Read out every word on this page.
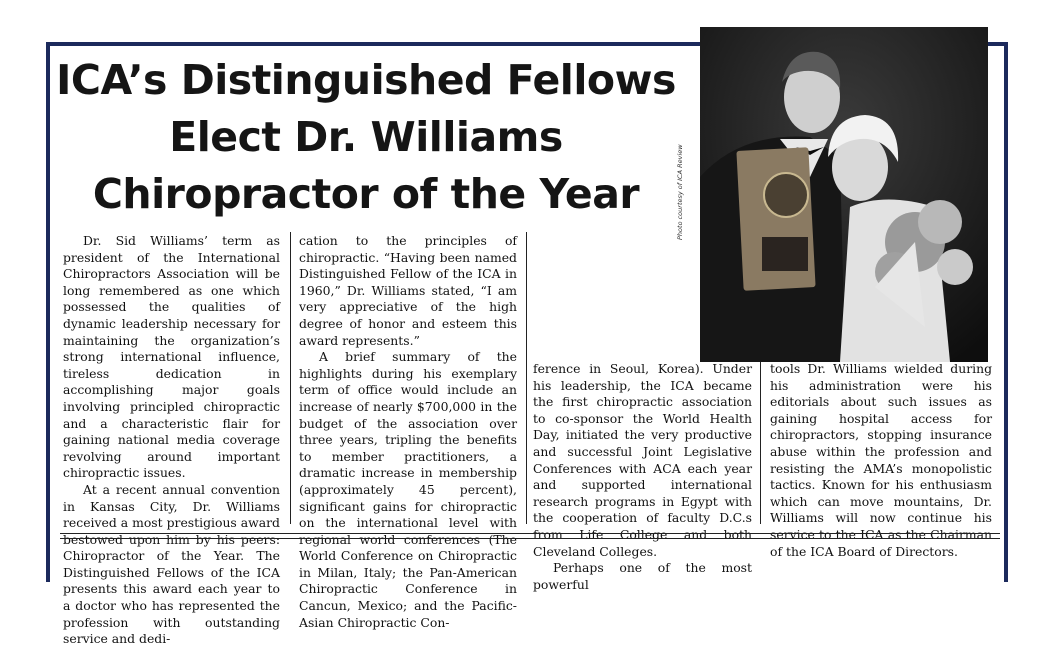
ICA’s Distinguished Fellows
Elect Dr. Williams
Chiropractor of the Year	Photo courtesy of ICA Review

Dr. Sid Williams’ term as president of the International Chiropractors Association will be long remembered as one which possessed the qualities of dynamic leadership necessary for maintaining the organization’s strong international influence, tireless dedication in accomplishing major goals involving principled chiropractic and a characteristic flair for gaining national media coverage revolving around important chiropractic issues.

At a recent annual convention in Kansas City, Dr. Williams received a most prestigious award bestowed upon him by his peers: Chiropractor of the Year. The Distinguished Fellows of the ICA presents this award each year to a doctor who has represented the profession with outstanding service and dedi-

cation to the principles of chiropractic. “Having been named Distinguished Fellow of the ICA in 1960,” Dr. Williams stated, “I am very appreciative of the high degree of honor and esteem this award represents.”

A brief summary of the highlights during his exemplary term of office would include an increase of nearly $700,000 in the budget of the association over three years, tripling the benefits to member practitioners, a dramatic increase in membership (approximately 45 percent), significant gains for chiropractic on the international level with regional world conferences (The World Conference on Chiropractic in Milan, Italy; the Pan-American Chiropractic Conference in Cancun, Mexico; and the Pacific-Asian Chiropractic Con-

ference in Seoul, Korea). Under his leadership, the ICA became the first chiropractic association to co-sponsor the World Health Day, initiated the very productive and successful Joint Legislative Conferences with ACA each year and supported international research programs in Egypt with the cooperation of faculty D.C.s from Life College and both Cleveland Colleges.

Perhaps one of the most powerful

tools Dr. Williams wielded during his administration were his editorials about such issues as gaining hospital access for chiropractors, stopping insurance abuse within the profession and resisting the AMA’s monopolistic tactics. Known for his enthusiasm which can move mountains, Dr. Williams will now continue his service to the ICA as the Chairman of the ICA Board of Directors.
